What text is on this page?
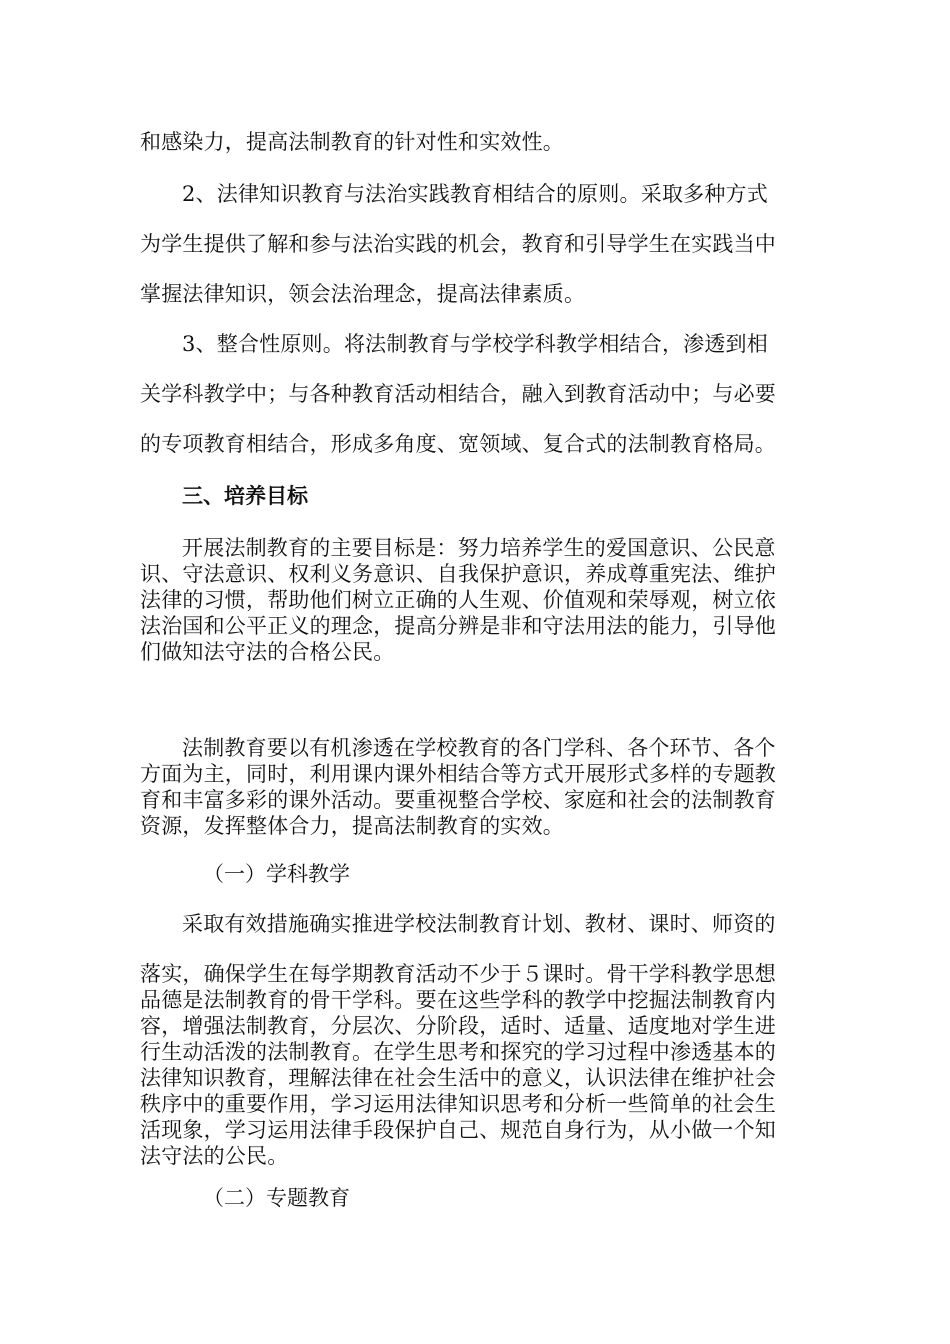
和感染力，提高法制教育的针对性和实效性。
2、法律知识教育与法治实践教育相结合的原则。采取多种方式
为学生提供了解和参与法治实践的机会，教育和引导学生在实践当中
掌握法律知识，领会法治理念，提高法律素质。
3、整合性原则。将法制教育与学校学科教学相结合，渗透到相
关学科教学中；与各种教育活动相结合，融入到教育活动中；与必要
的专项教育相结合，形成多角度、宽领域、复合式的法制教育格局。
三、培养目标
开展法制教育的主要目标是：努力培养学生的爱国意识、公民意
识、守法意识、权利义务意识、自我保护意识，养成尊重宪法、维护
法律的习惯，帮助他们树立正确的人生观、价值观和荣辱观，树立依
法治国和公平正义的理念，提高分辨是非和守法用法的能力，引导他
们做知法守法的合格公民。
法制教育要以有机渗透在学校教育的各门学科、各个环节、各个
方面为主，同时，利用课内课外相结合等方式开展形式多样的专题教
育和丰富多彩的课外活动。要重视整合学校、家庭和社会的法制教育
资源，发挥整体合力，提高法制教育的实效。
（一）学科教学
采取有效措施确实推进学校法制教育计划、教材、课时、师资的
落实，确保学生在每学期教育活动不少于５课时。骨干学科教学思想
品德是法制教育的骨干学科。要在这些学科的教学中挖掘法制教育内
容，增强法制教育，分层次、分阶段，适时、适量、适度地对学生进
行生动活泼的法制教育。在学生思考和探究的学习过程中渗透基本的
法律知识教育，理解法律在社会生活中的意义，认识法律在维护社会
秩序中的重要作用，学习运用法律知识思考和分析一些简单的社会生
活现象，学习运用法律手段保护自己、规范自身行为，从小做一个知
法守法的公民。
（二）专题教育
